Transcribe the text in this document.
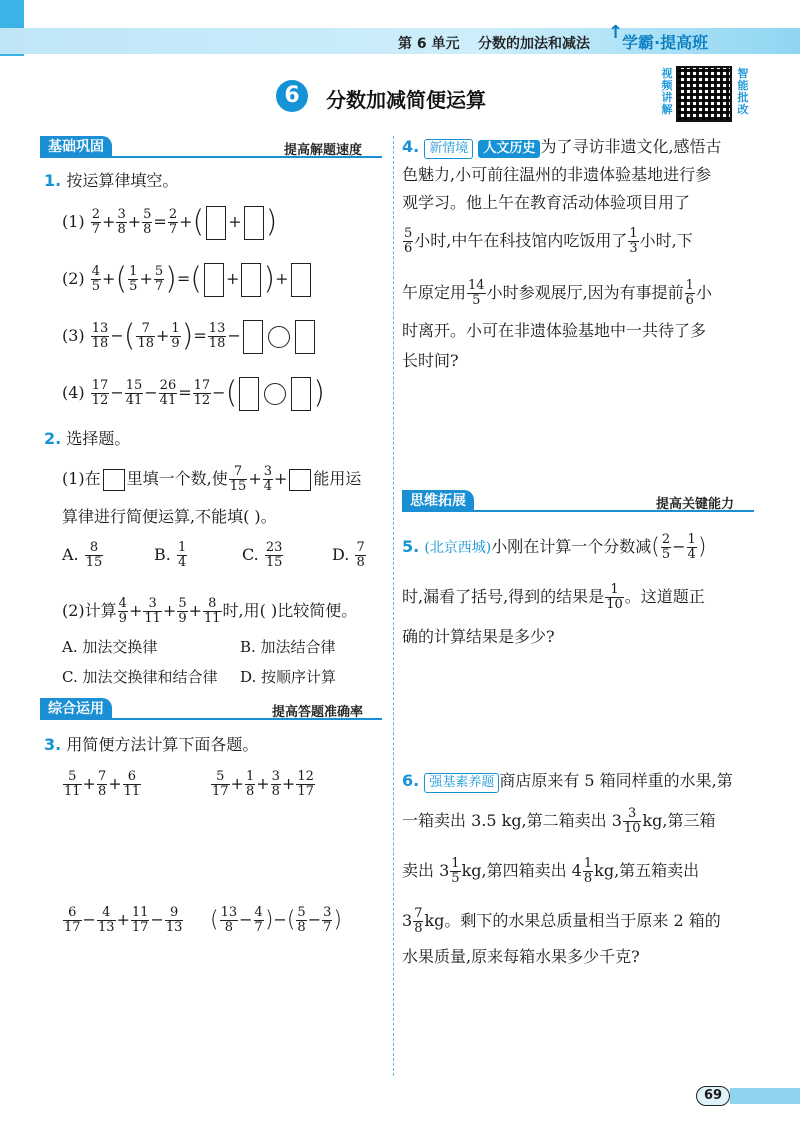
第 6 单元 分数的加法和减法
↑
学霸·提高班
6	分数加减简便运算
视频讲解
智能批改
基础巩固	提高解题速度
1. 按运算律填空。
$(1) \frac{2}{7} + \frac{3}{8} + \frac{5}{8} = \frac{2}{7}$ +( + )
$(2) \frac{4}{5}$ +( $\frac{1}{5} + \frac{5}{7}$ )=( + )+
$(3) \frac{13}{18}$ −( $\frac{7}{18} + \frac{1}{9}$ )= $\frac{13}{18}$ −
$(4) \frac{17}{12} - \frac{15}{41} - \frac{26}{41} = \frac{17}{12}$ −(	)
2. 选择题。
(1)在 里填一个数,使 $\frac{7}{15} + \frac{3}{4}$ + 能用运
算律进行简便运算,不能填( )。
A. $\frac{8}{15}$	B. $\frac{1}{4}$	C. $\frac{23}{15}$	D. $\frac{7}{8}$
(2)计算 $\frac{4}{9} + \frac{3}{11} + \frac{5}{9} + \frac{8}{11}$ 时,用( )比较简便。
A. 加法交换律	B. 加法结合律
C. 加法交换律和结合律 D. 按顺序计算
综合运用	提高答题准确率
3. 用简便方法计算下面各题。
$\frac{5}{11} + \frac{7}{8} + \frac{6}{11}$	$\frac{5}{17} + \frac{1}{8} + \frac{3}{8} + \frac{12}{17}$
$\frac{6}{17} - \frac{4}{13} + \frac{11}{17} - \frac{9}{13}$ ( $\frac{13}{8} - \frac{4}{7}$ )−( $\frac{5}{8} - \frac{3}{7}$ )
4. 新情境 人文历史 为了寻访非遗文化,感悟古
色魅力,小可前往温州的非遗体验基地进行参
观学习。他上午在教育活动体验项目用了
$\frac{5}{6}$ 小时,中午在科技馆内吃饭用了 $\frac{1}{3}$ 小时,下
午原定用 $\frac{14}{5}$ 小时参观展厅,因为有事提前 $\frac{1}{6}$ 小
时离开。小可在非遗体验基地中一共待了多
长时间?
思维拓展	提高关键能力
5. (北京西城)小刚在计算一个分数减( $\frac{2}{5} - \frac{1}{4}$ )
时,漏看了括号,得到的结果是 $\frac{1}{10}$ 。这道题正
确的计算结果是多少?
6. 强基素养题 商店原来有 5 箱同样重的水果,第
一箱卖出 3.5 kg,第二箱卖出 $3 \frac{3}{10}$ kg,第三箱
卖出 $3 \frac{1}{5}$ kg,第四箱卖出 $4 \frac{1}{8}$ kg,第五箱卖出
$3 \frac{7}{8}$ kg。剩下的水果总质量相当于原来 2 箱的
水果质量,原来每箱水果多少千克?
69
